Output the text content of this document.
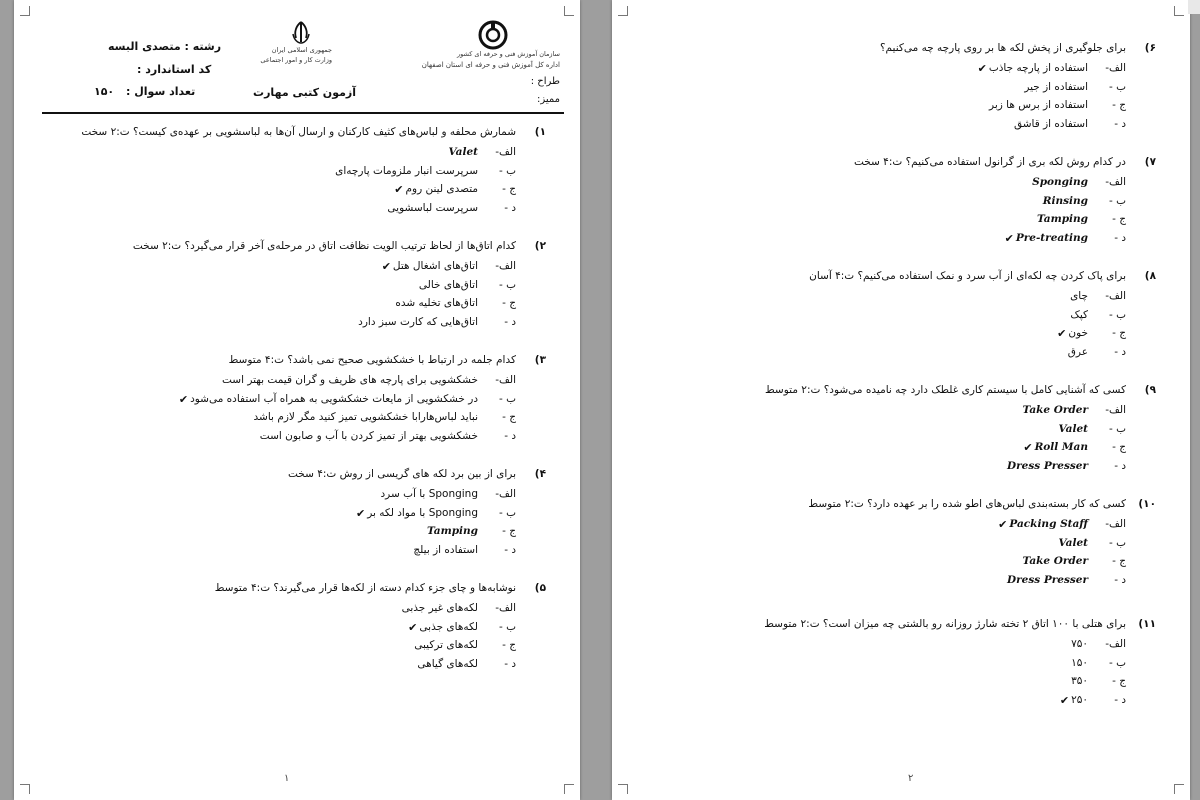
سازمان آموزش فنی و حرفه ای کشور
اداره کل آموزش فنی و حرفه ای استان اصفهان
طراح :
ممیز:
جمهوری اسلامی ایران
وزارت کار و امور اجتماعی
آزمون کتبی مهارت
رشته : متصدی البسه
کد استاندارد :
تعداد سوال :
۱۵۰
۱)
شمارش محلفه و لباس‌های کثیف کارکنان و ارسال آن‌ها به لباسشویی بر عهده‌ی کیست؟ ت:۲ سخت
الف-
Valet
ب -
سرپرست انبار ملزومات پارچه‌ای
ج -
متصدی لینن روم
✔
د -
سرپرست لباسشویی
۲)
کدام اتاق‌ها از لحاظ ترتیب الویت نظافت اتاق در مرحله‌ی آخر قرار می‌گیرد؟ ت:۲ سخت
الف-
اتاق‌های اشغال هتل
✔
ب -
اتاق‌های خالی
ج -
اتاق‌های تخلیه شده
د -
اتاق‌هایی که کارت سبز دارد
۳)
کدام جلمه در ارتباط با خشکشویی صحیح نمی باشد؟ ت:۴ متوسط
الف-
خشکشویی برای پارچه های ظریف و گران قیمت بهتر است
ب -
در خشکشویی از مایعات خشکشویی به همراه آب استفاده می‌شود
✔
ج -
نباید لباس‌هارابا خشکشویی تمیز کنید مگر لازم باشد
د -
خشکشویی بهتر از تمیز کردن با آب و صابون است
۴)
برای از بین برد لکه های گریسی از روش ت:۴ سخت
الف-
Sponging با آب سرد
ب -
Sponging با مواد لکه بر
✔
ج -
Tamping
د -
استفاده از بیلچ
۵)
نوشابه‌ها و چای جزء کدام دسته از لکه‌ها قرار می‌گیرند؟ ت:۴ متوسط
الف-
لکه‌های غیر جذبی
ب -
لکه‌های جذبی
✔
ج -
لکه‌های ترکیبی
د -
لکه‌های گیاهی
۱
۶)
برای جلوگیری از پخش لکه ها بر روی پارچه چه می‌کنیم؟
الف-
استفاده از پارچه جاذب
✔
ب -
استفاده از جیر
ج -
استفاده از برس ها زبر
د -
استفاده از قاشق
۷)
در کدام روش لکه بری از گرانول استفاده می‌کنیم؟ ت:۴ سخت
الف-
Sponging
ب -
Rinsing
ج -
Tamping
د -
Pre-treating
✔
۸)
برای پاک کردن چه لکه‌ای از آب سرد و نمک استفاده می‌کنیم؟ ت:۴ آسان
الف-
چای
ب -
کپک
ج -
خون
✔
د -
عرق
۹)
کسی که آشنایی کامل با سیستم کاری غلطک دارد چه نامیده می‌شود؟ ت:۲ متوسط
الف-
Take Order
ب -
Valet
ج -
Roll Man
✔
د -
Dress Presser
۱۰)
کسی که کار بسته‌بندی لباس‌های اطو شده را بر عهده دارد؟ ت:۲ متوسط
الف-
Packing Staff
✔
ب -
Valet
ج -
Take Order
د -
Dress Presser
۱۱)
برای هتلی با ۱۰۰ اتاق ۲ تخته شارژ روزانه رو بالشتی چه میزان است؟ ت:۲ متوسط
الف-
۷۵۰
ب -
۱۵۰
ج -
۳۵۰
د -
۲۵۰
✔
۲
